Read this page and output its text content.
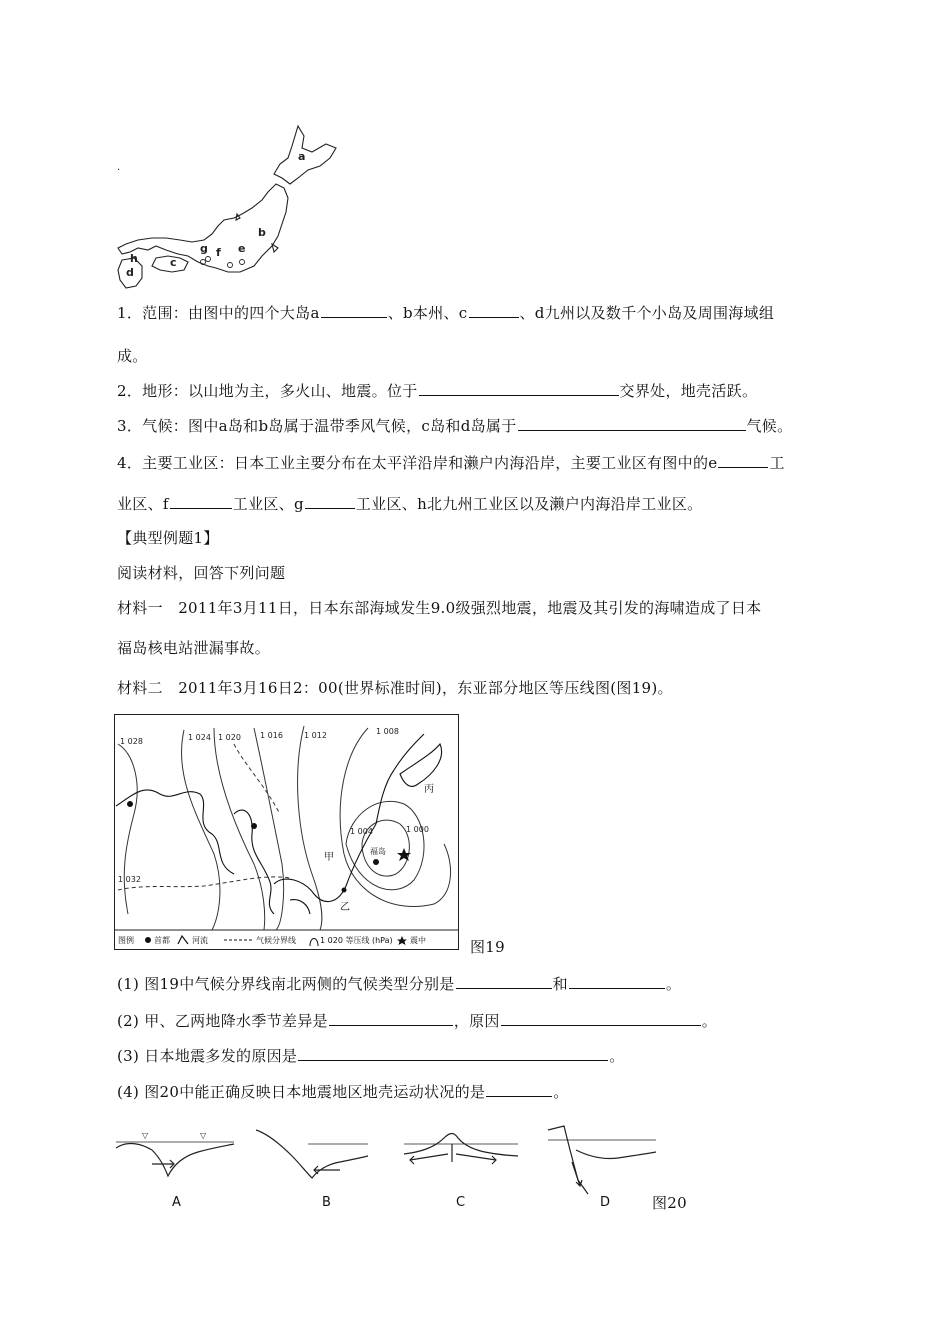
·
a
b
c
d
e
f
g
h
1．范围：由图中的四个大岛a	、b本州、c	、d九州以及数千个小岛及周围海域组
成。
2．地形：以山地为主，多火山、地震。位于	交界处，地壳活跃。
3．气候：图中a岛和b岛属于温带季风气候，c岛和d岛属于	气候。
4．主要工业区：日本工业主要分布在太平洋沿岸和濑户内海沿岸，主要工业区有图中的e	工
业区、f	工业区、g	工业区、h北九州工业区以及濑户内海沿岸工业区。
【典型例题1】
阅读材料，回答下列问题
材料一　2011年3月11日，日本东部海域发生9.0级强烈地震，地震及其引发的海啸造成了日本
福岛核电站泄漏事故。
材料二　2011年3月16日2：00(世界标准时间)，东亚部分地区等压线图(图19)。
1 028	1 024 1 020 1 016	1 012	1 008
1 004	1 000
1 032
丙
甲
乙
福岛
图例	首都	河流	气候分界线	1 020 等压线 (hPa) 震中	图19
(1) 图19中气候分界线南北两侧的气候类型分别是	和	。
(2) 甲、乙两地降水季节差异是	，原因	。
(3) 日本地震多发的原因是	。
(4) 图20中能正确反映日本地震地区地壳运动状况的是	。
▽	▽
A	B	C	D	图20
